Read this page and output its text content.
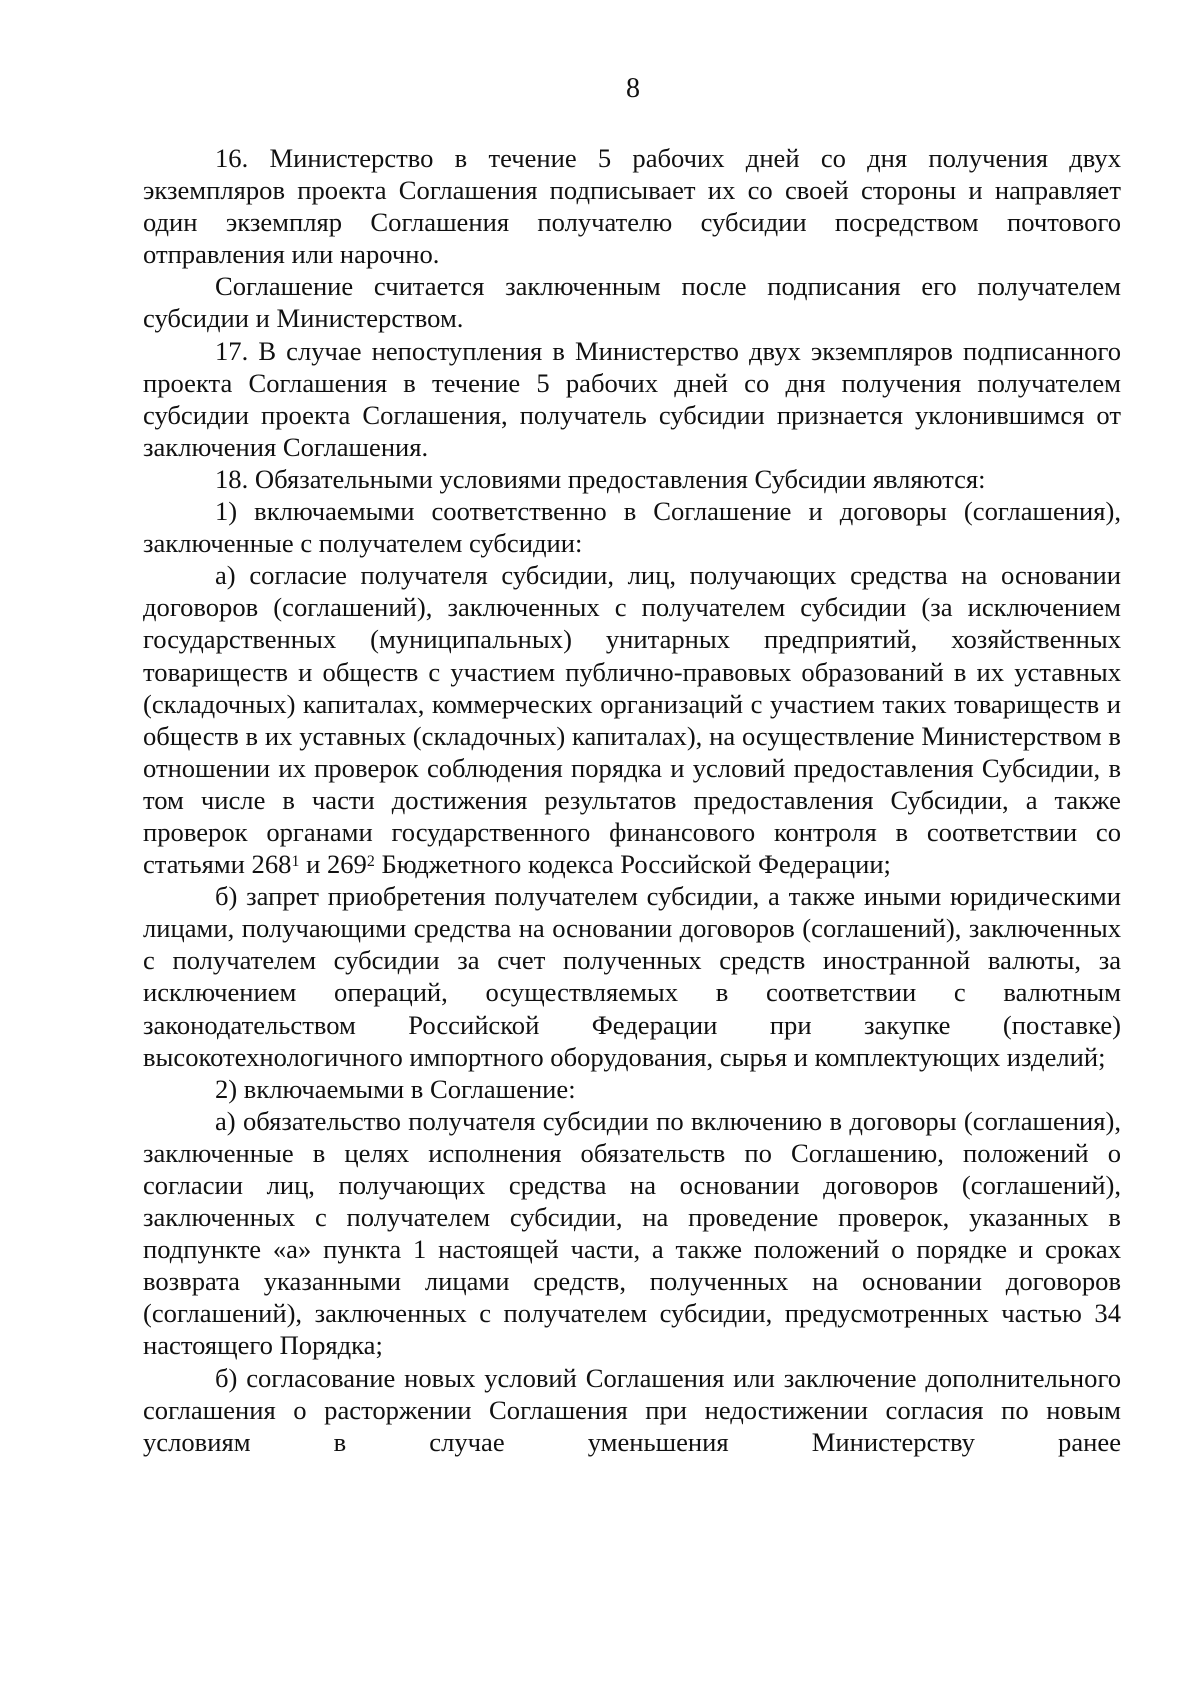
8

16. Министерство в течение 5 рабочих дней со дня получения двух экземпляров проекта Соглашения подписывает их со своей стороны и направляет один экземпляр Соглашения получателю субсидии посредством почтового отправления или нарочно.

Соглашение считается заключенным после подписания его получателем субсидии и Министерством.

17. В случае непоступления в Министерство двух экземпляров подписанного проекта Соглашения в течение 5 рабочих дней со дня получения получателем субсидии проекта Соглашения, получатель субсидии признается уклонившимся от заключения Соглашения.

18. Обязательными условиями предоставления Субсидии являются:

1) включаемыми соответственно в Соглашение и договоры (соглашения), заключенные с получателем субсидии:

а) согласие получателя субсидии, лиц, получающих средства на основании договоров (соглашений), заключенных с получателем субсидии (за исключением государственных (муниципальных) унитарных предприятий, хозяйственных товариществ и обществ с участием публично-правовых образований в их уставных (складочных) капиталах, коммерческих организаций с участием таких товариществ и обществ в их уставных (складочных) капиталах), на осуществление Министерством в отношении их проверок соблюдения порядка и условий предоставления Субсидии, в том числе в части достижения результатов предоставления Субсидии, а также проверок органами государственного финансового контроля в соответствии со статьями $268^1$ и $269^2$ Бюджетного кодекса Российской Федерации;

б) запрет приобретения получателем субсидии, а также иными юридическими лицами, получающими средства на основании договоров (соглашений), заключенных с получателем субсидии за счет полученных средств иностранной валюты, за исключением операций, осуществляемых в соответствии с валютным законодательством Российской Федерации при закупке (поставке) высокотехнологичного импортного оборудования, сырья и комплектующих изделий;

2) включаемыми в Соглашение:

а) обязательство получателя субсидии по включению в договоры (соглашения), заключенные в целях исполнения обязательств по Соглашению, положений о согласии лиц, получающих средства на основании договоров (соглашений), заключенных с получателем субсидии, на проведение проверок, указанных в подпункте «а» пункта 1 настоящей части, а также положений о порядке и сроках возврата указанными лицами средств, полученных на основании договоров (соглашений), заключенных с получателем субсидии, предусмотренных частью 34 настоящего Порядка;

б) согласование новых условий Соглашения или заключение дополнительного соглашения о расторжении Соглашения при недостижении согласия по новым условиям в случае уменьшения Министерству ранее
